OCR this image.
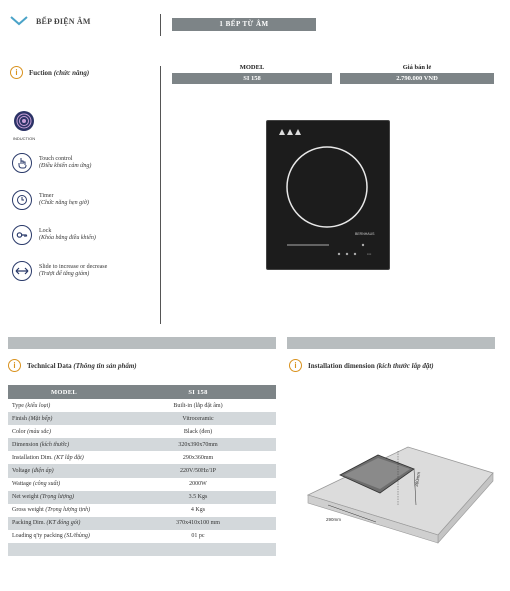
BẾP ĐIỆN ÂM	1 BẾP TỪ ÂM
i	Fuction (chức năng)
INDUCTION
Touch control
(Điều khiển cảm ứng)
Timer
(Chức năng hẹn giờ)
Lock
(Khóa bằng điều khiển)
Slide to increase or decrease
(Trượt để tăng giảm)
MODEL
SI 158
Giá bán lẻ
2.790.000 VNĐ
BERNHAUS
≡≡≡
i	Technical Data (Thông tin sản phẩm)
MODEL	SI 158
Type (kiểu loại)	Built-in (lắp đặt âm)
Finish (Mặt bếp)	Vitroceramic
Color (màu sắc)	Black (đen)
Dimension (kích thước)	320x390x70mm
Installation Dim. (KT lắp đặt)	290x360mm
Voltage (điện áp)	220V/50Hz/1P
Wattage (công suất)	2000W
Net weight (Trọng lượng)	3.5 Kgs
Gross weight (Trọng lượng tịnh)	4 Kgs
Packing Dim. (KT đóng gói)	370x410x100 mm
Loading q'ty packing (SL/thùng)	01 pc

i	Installation dimension (kích thước lắp đặt)
290mm
360mm
